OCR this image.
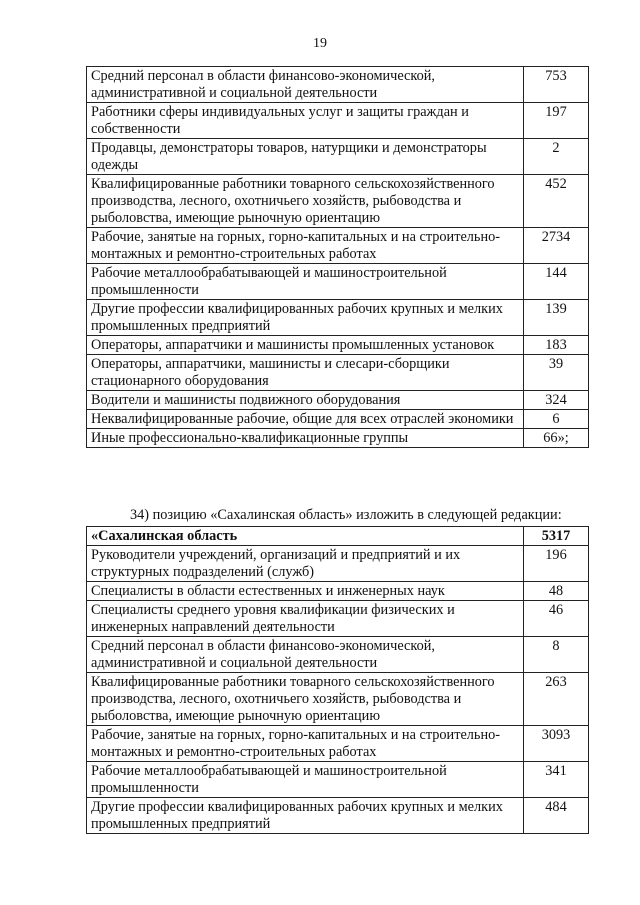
19
Средний персонал в области финансово-экономической, административной и социальной деятельности	753
Работники сферы индивидуальных услуг и защиты граждан и собственности	197
Продавцы, демонстраторы товаров, натурщики и демонстраторы одежды	2
Квалифицированные работники товарного сельскохозяйственного производства, лесного, охотничьего хозяйств, рыбоводства и рыболовства, имеющие рыночную ориентацию	452
Рабочие, занятые на горных, горно-капитальных и на строительно-монтажных и ремонтно-строительных работах	2734
Рабочие металлообрабатывающей и машиностроительной промышленности	144
Другие профессии квалифицированных рабочих крупных и мелких промышленных предприятий	139
Операторы, аппаратчики и машинисты промышленных установок	183
Операторы, аппаратчики, машинисты и слесари-сборщики стационарного оборудования	39
Водители и машинисты подвижного оборудования	324
Неквалифицированные рабочие, общие для всех отраслей экономики	6
Иные профессионально-квалификационные группы	66»;
34) позицию «Сахалинская область» изложить в следующей редакции:
«Сахалинская область	5317
Руководители учреждений, организаций и предприятий и их структурных подразделений (служб)	196
Специалисты в области естественных и инженерных наук	48
Специалисты среднего уровня квалификации физических и инженерных направлений деятельности	46
Средний персонал в области финансово-экономической, административной и социальной деятельности	8
Квалифицированные работники товарного сельскохозяйственного производства, лесного, охотничьего хозяйств, рыбоводства и рыболовства, имеющие рыночную ориентацию	263
Рабочие, занятые на горных, горно-капитальных и на строительно-монтажных и ремонтно-строительных работах	3093
Рабочие металлообрабатывающей и машиностроительной промышленности	341
Другие профессии квалифицированных рабочих крупных и мелких промышленных предприятий	484
